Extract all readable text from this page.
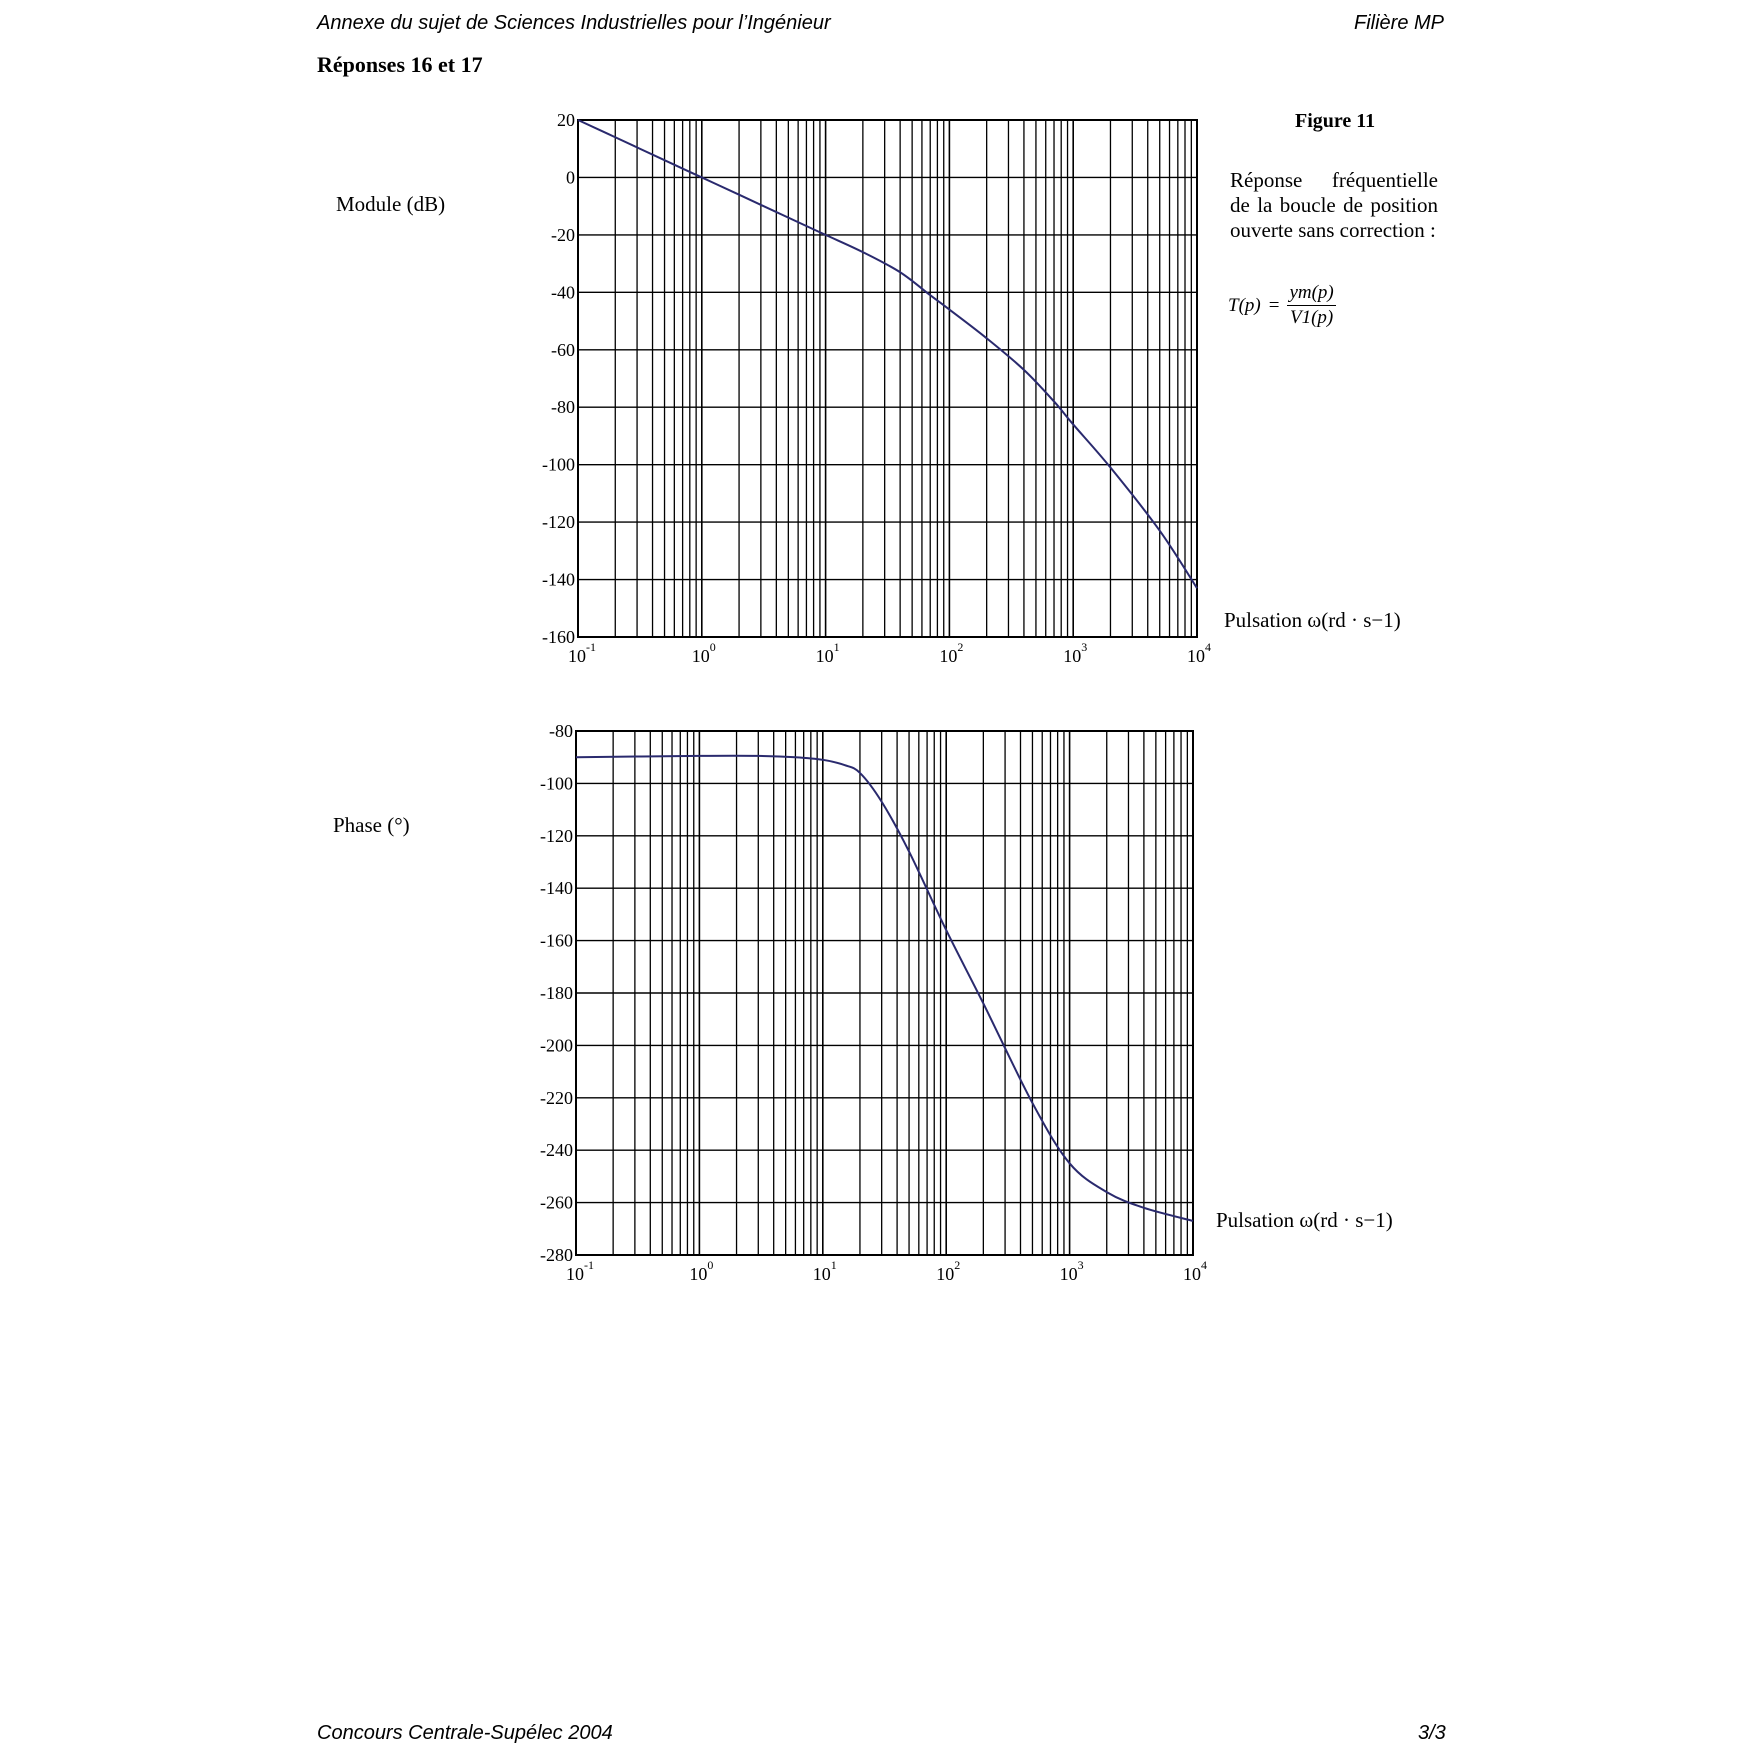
Annexe du sujet de Sciences Industrielles pour l’Ingénieur	Filière MP
Réponses 16 et 17
Module (dB)
Phase (°)
Figure 11
Réponse fréquentielle de la boucle de position ouverte sans correction :
$T(p) = \frac{ym(p)}{V1(p)}$
Pulsation ω(rd · s−1)
Pulsation ω(rd · s−1)
20
0
-20
-40
-60
-80
-100
-120
-140
-160
10 -1	10 0	10 1	10 2	10 3	10 4
-80
-100
-120
-140
-160
-180
-200
-220
-240
-260
-280
10 -1	10 0	10 1	10 2	10 3	10 4
Concours Centrale-Supélec 2004	3/3
